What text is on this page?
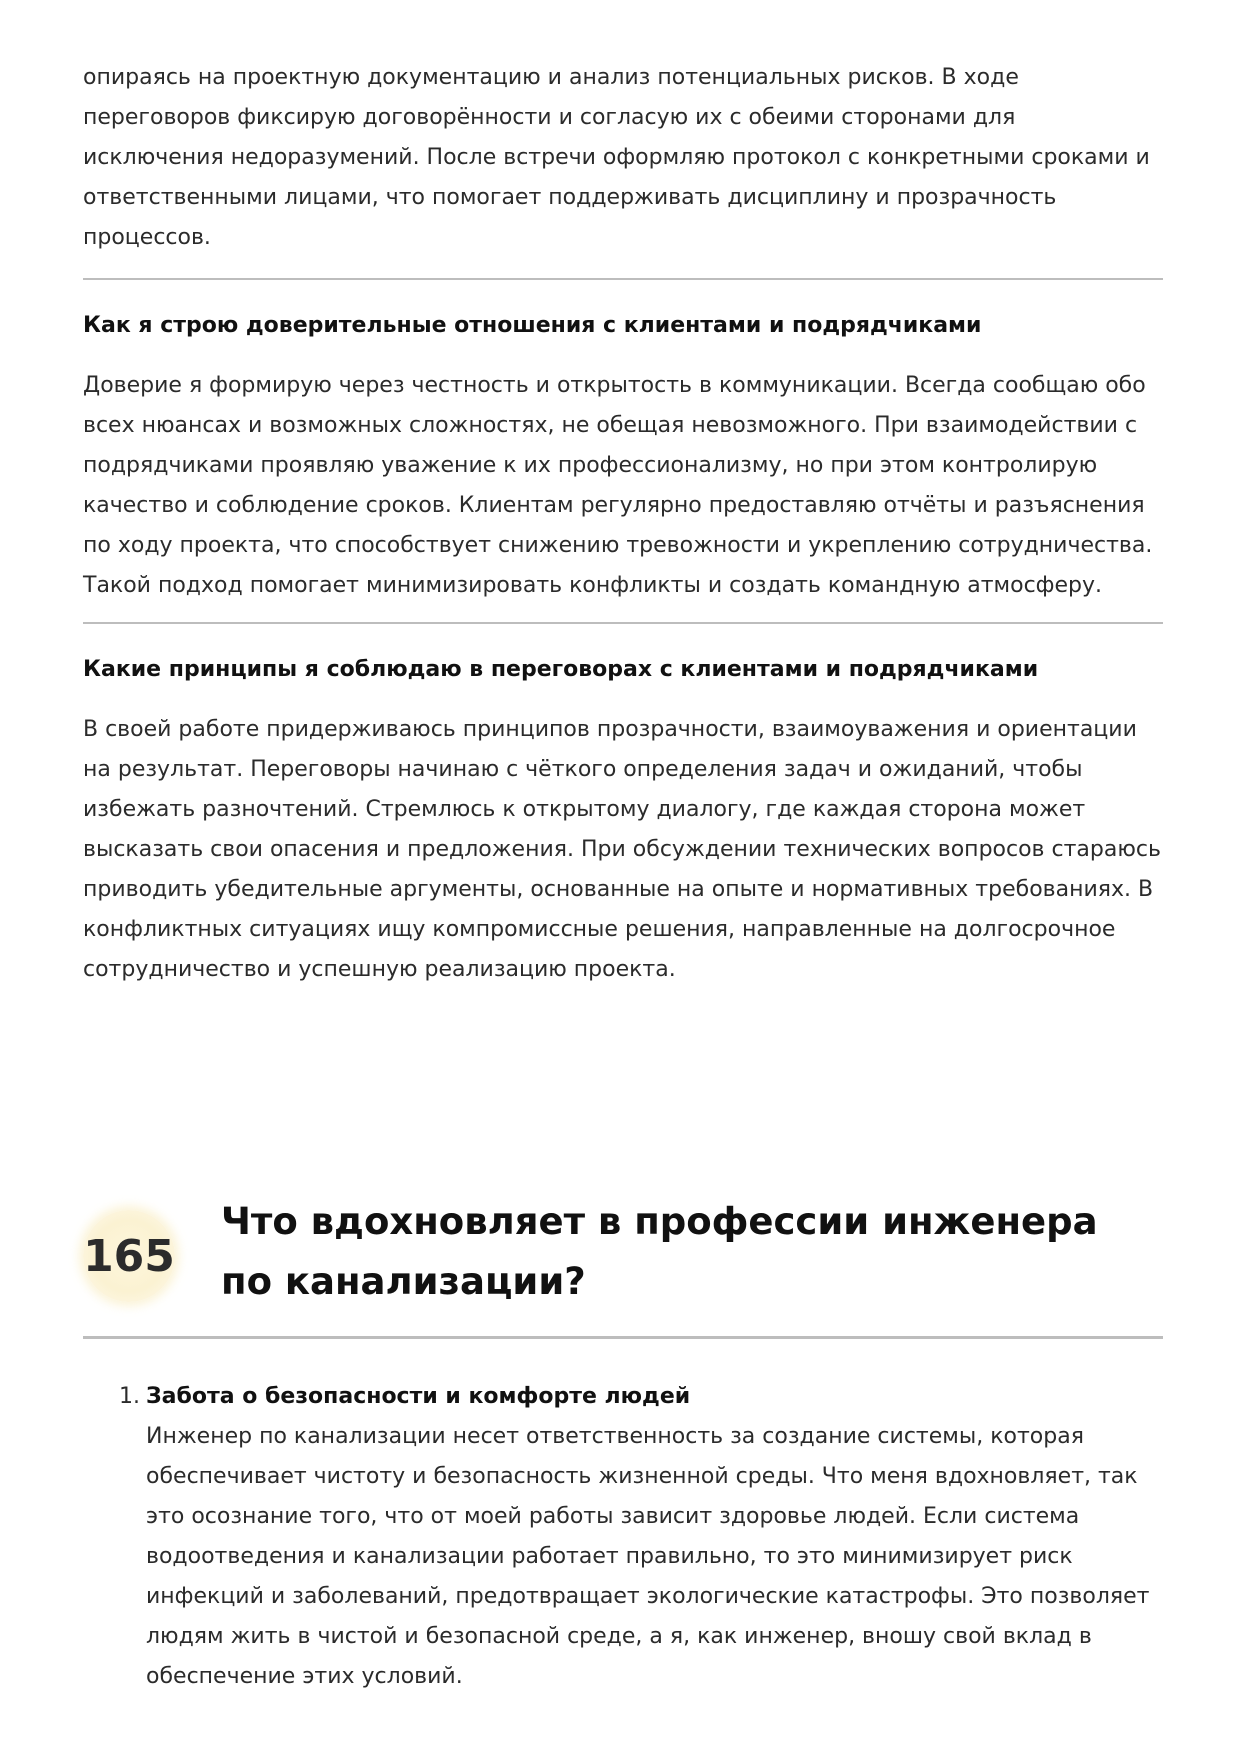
опираясь на проектную документацию и анализ потенциальных рисков. В ходе переговоров фиксирую договорённости и согласую их с обеими сторонами для исключения недоразумений. После встречи оформляю протокол с конкретными сроками и ответственными лицами, что помогает поддерживать дисциплину и прозрачность процессов.

Как я строю доверительные отношения с клиентами и подрядчиками

Доверие я формирую через честность и открытость в коммуникации. Всегда сообщаю обо всех нюансах и возможных сложностях, не обещая невозможного. При взаимодействии с подрядчиками проявляю уважение к их профессионализму, но при этом контролирую качество и соблюдение сроков. Клиентам регулярно предоставляю отчёты и разъяснения по ходу проекта, что способствует снижению тревожности и укреплению сотрудничества. Такой подход помогает минимизировать конфликты и создать командную атмосферу.

Какие принципы я соблюдаю в переговорах с клиентами и подрядчиками

В своей работе придерживаюсь принципов прозрачности, взаимоуважения и ориентации на результат. Переговоры начинаю с чёткого определения задач и ожиданий, чтобы избежать разночтений. Стремлюсь к открытому диалогу, где каждая сторона может высказать свои опасения и предложения. При обсуждении технических вопросов стараюсь приводить убедительные аргументы, основанные на опыте и нормативных требованиях. В конфликтных ситуациях ищу компромиссные решения, направленные на долгосрочное сотрудничество и успешную реализацию проекта.

165
Что вдохновляет в профессии инженера по канализации?
1. Забота о безопасности и комфорте людей

Инженер по канализации несет ответственность за создание системы, которая обеспечивает чистоту и безопасность жизненной среды. Что меня вдохновляет, так это осознание того, что от моей работы зависит здоровье людей. Если система водоотведения и канализации работает правильно, то это минимизирует риск инфекций и заболеваний, предотвращает экологические катастрофы. Это позволяет людям жить в чистой и безопасной среде, а я, как инженер, вношу свой вклад в обеспечение этих условий.
